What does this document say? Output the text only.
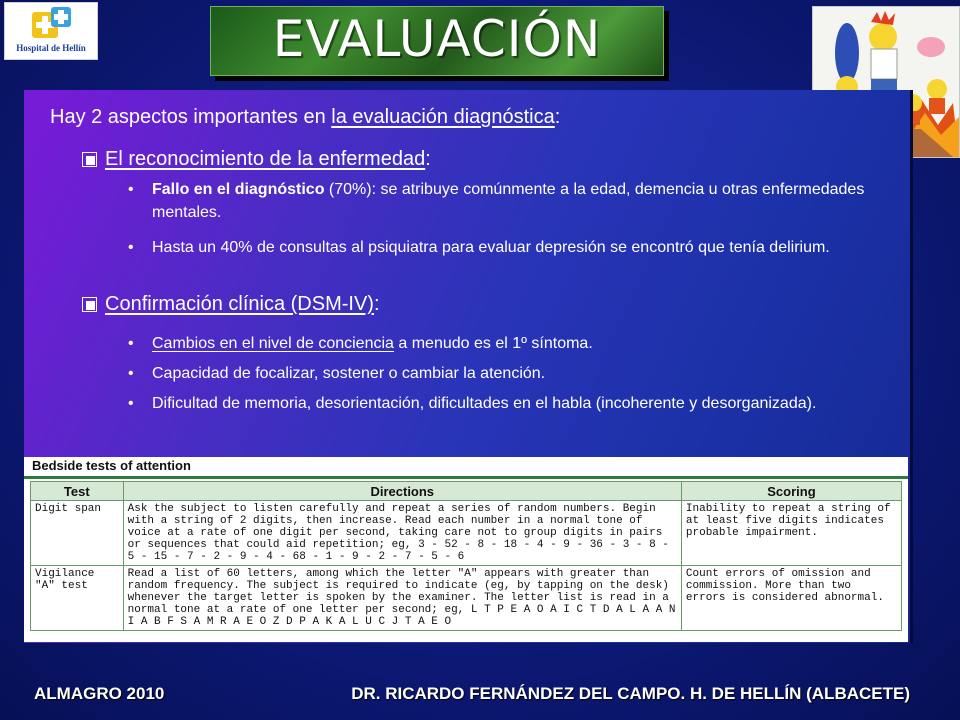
Hospital de Hellín	EVALUACIÓN
Hay 2 aspectos importantes en la evaluación diagnóstica:
El reconocimiento de la enfermedad :
•	Fallo en el diagnóstico (70%): se atribuye comúnmente a la edad, demencia u otras enfermedades mentales.
•	Hasta un 40% de consultas al psiquiatra para evaluar depresión se encontró que tenía delirium.
Confirmación clínica (DSM-IV) :
•	Cambios en el nivel de conciencia a menudo es el 1º síntoma.
•	Capacidad de focalizar, sostener o cambiar la atención.
•	Dificultad de memoria, desorientación, dificultades en el habla (incoherente y desorganizada).
Bedside tests of attention
Test	Directions	Scoring
Digit span	Ask the subject to listen carefully and repeat a series of random numbers. Begin with a string of 2 digits, then increase. Read each number in a normal tone of voice at a rate of one digit per second, taking care not to group digits in pairs or sequences that could aid repetition; eg, 3 - 52 - 8 - 18 - 4 - 9 - 36 - 3 - 8 - 5 - 15 - 7 - 2 - 9 - 4 - 68 - 1 - 9 - 2 - 7 - 5 - 6	Inability to repeat a string of at least five digits indicates probable impairment.
Vigilance "A" test	Read a list of 60 letters, among which the letter "A" appears with greater than random frequency. The subject is required to indicate (eg, by tapping on the desk) whenever the target letter is spoken by the examiner. The letter list is read in a normal tone at a rate of one letter per second; eg, L T P E A O A I C T D A L A A N I A B F S A M R A E O Z D P A K A L U C J T A E O	Count errors of omission and commission. More than two errors is considered abnormal.
ALMAGRO 2010	DR. RICARDO FERNÁNDEZ DEL CAMPO. H. DE HELLÍN (ALBACETE)
